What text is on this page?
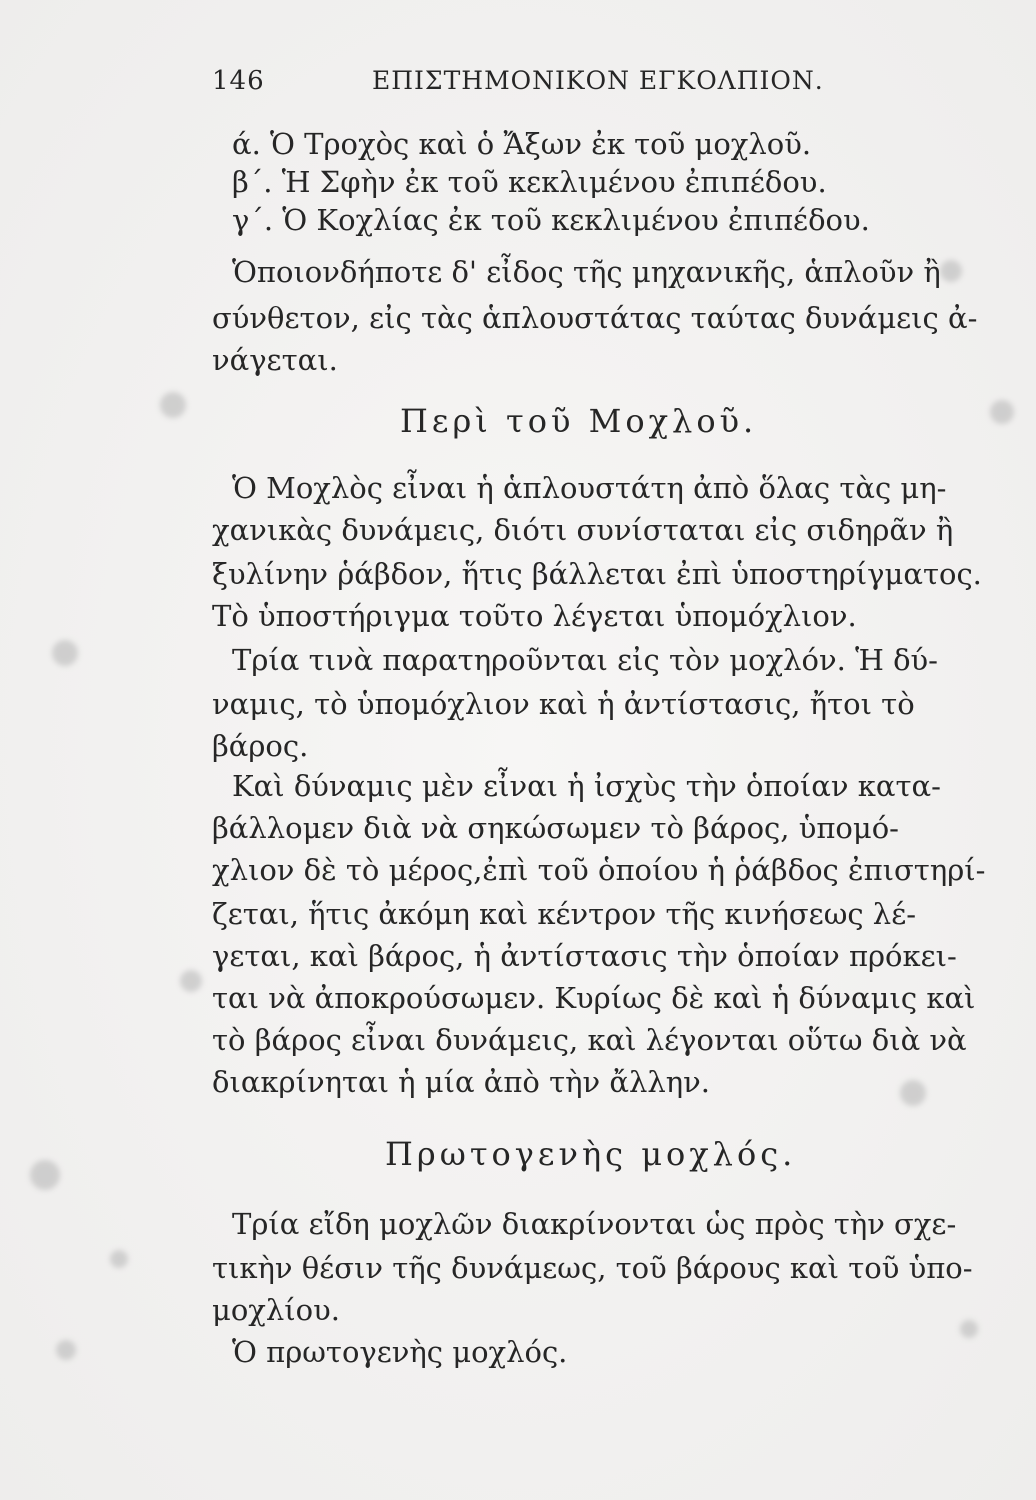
146	ΕΠΙΣΤΗΜΟΝΙΚΟΝ ΕΓΚΟΛΠΙΟΝ.
ά. Ὁ Τροχὸς καὶ ὁ Ἄξων ἐκ τοῦ μοχλοῦ.
β΄. Ἡ Σφὴν ἐκ τοῦ κεκλιμένου ἐπιπέδου.
γ΄. Ὁ Κοχλίας ἐκ τοῦ κεκλιμένου ἐπιπέδου.
Ὁποιονδήποτε δ' εἶδος τῆς μηχανικῆς, ἁπλοῦν ἢ
σύνθετον, εἰς τὰς ἁπλουστάτας ταύτας δυνάμεις ἀ-
νάγεται.
Περὶ τοῦ Μοχλοῦ.
Ὁ Μοχλὸς εἶναι ἡ ἁπλουστάτη ἀπὸ ὅλας τὰς μη-
χανικὰς δυνάμεις, διότι συνίσταται εἰς σιδηρᾶν ἢ
ξυλίνην ῥάβδον, ἥτις βάλλεται ἐπὶ ὑποστηρίγματος.
Τὸ ὑποστήριγμα τοῦτο λέγεται ὑπομόχλιον.
Τρία τινὰ παρατηροῦνται εἰς τὸν μοχλόν. Ἡ δύ-
ναμις, τὸ ὑπομόχλιον καὶ ἡ ἀντίστασις, ἤτοι τὸ
βάρος.
Καὶ δύναμις μὲν εἶναι ἡ ἰσχὺς τὴν ὁποίαν κατα-
βάλλομεν διὰ νὰ σηκώσωμεν τὸ βάρος, ὑπομό-
χλιον δὲ τὸ μέρος,ἐπὶ τοῦ ὁποίου ἡ ῥάβδος ἐπιστηρί-
ζεται, ἥτις ἀκόμη καὶ κέντρον τῆς κινήσεως λέ-
γεται, καὶ βάρος, ἡ ἀντίστασις τὴν ὁποίαν πρόκει-
ται νὰ ἀποκρούσωμεν. Κυρίως δὲ καὶ ἡ δύναμις καὶ
τὸ βάρος εἶναι δυνάμεις, καὶ λέγονται οὕτω διὰ νὰ
διακρίνηται ἡ μία ἀπὸ τὴν ἄλλην.
Πρωτογενὴς μοχλός.
Τρία εἴδη μοχλῶν διακρίνονται ὡς πρὸς τὴν σχε-
τικὴν θέσιν τῆς δυνάμεως, τοῦ βάρους καὶ τοῦ ὑπο-
μοχλίου.
Ὁ πρωτογενὴς μοχλός.
